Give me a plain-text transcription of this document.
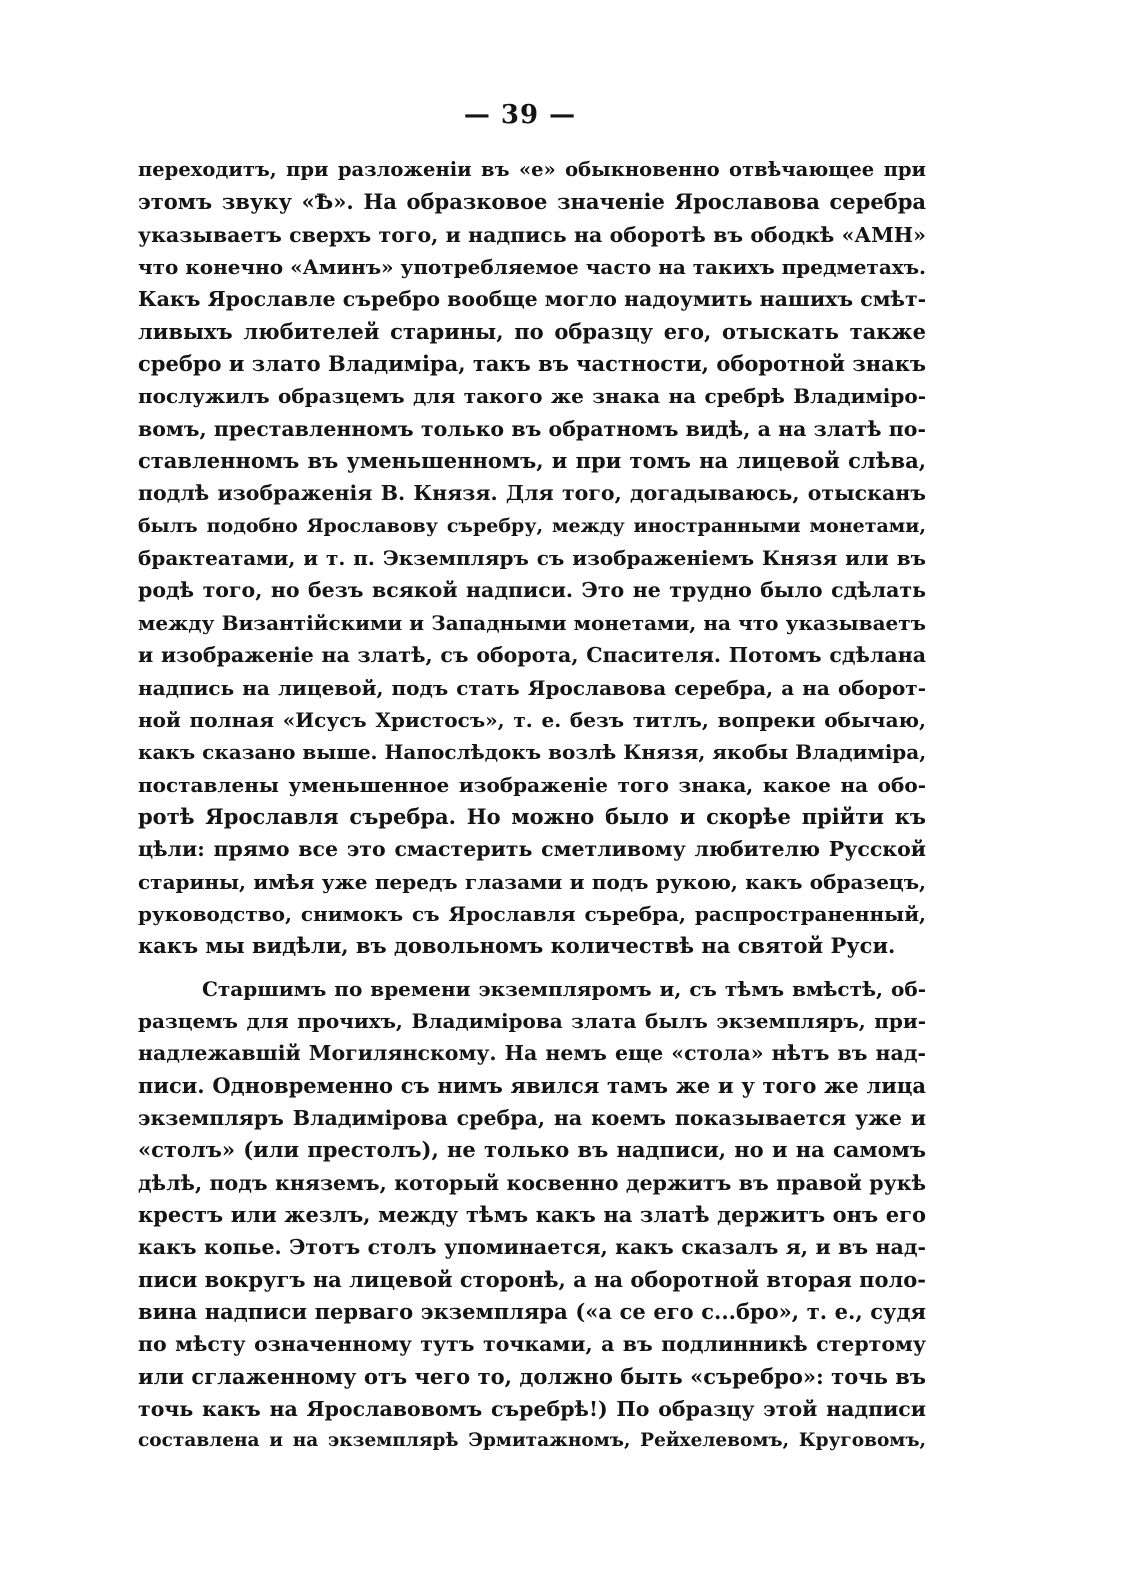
— 39 —
переходитъ, при разложенiи въ «е» обыкновенно отвѣчающее при
этомъ звуку «Ѣ». На образковое значенiе Ярославова серебра
указываетъ сверхъ того, и надпись на оборотѣ въ ободкѣ «АМН»
что конечно «Аминъ» употребляемое часто на такихъ предметахъ.
Какъ Ярославле съребро вообще могло надоумить нашихъ смѣт-
ливыхъ любителей старины, по образцу его, отыскать также
сребро и злато Владимiра, такъ въ частности, оборотной знакъ
послужилъ образцемъ для такого же знака на сребрѣ Владимiро-
вомъ, преставленномъ только въ обратномъ видѣ, а на златѣ по-
ставленномъ въ уменьшенномъ, и при томъ на лицевой слѣва,
подлѣ изображенiя В. Князя. Для того, догадываюсь, отысканъ
былъ подобно Ярославову съребру, между иностранными монетами,
брактеатами, и т. п. Экземпляръ съ изображенiемъ Князя или въ
родѣ того, но безъ всякой надписи. Это не трудно было сдѣлать
между Византiйскими и Западными монетами, на что указываетъ
и изображенiе на златѣ, съ оборота, Спасителя. Потомъ сдѣлана
надпись на лицевой, подъ стать Ярославова серебра, а на оборот-
ной полная «Исусъ Христосъ», т. е. безъ титлъ, вопреки обычаю,
какъ сказано выше. Напослѣдокъ возлѣ Князя, якобы Владимiра,
поставлены уменьшенное изображенiе того знака, какое на обо-
ротѣ Ярославля съребра. Но можно было и скорѣе прiйти къ
цѣли: прямо все это смастерить сметливому любителю Русской
старины, имѣя уже передъ глазами и подъ рукою, какъ образецъ,
руководство, снимокъ съ Ярославля съребра, распространенный,
какъ мы видѣли, въ довольномъ количествѣ на святой Руси.
Старшимъ по времени экземпляромъ и, съ тѣмъ вмѣстѣ, об-
разцемъ для прочихъ, Владимiрова злата былъ экземпляръ, при-
надлежавшiй Могилянскому. На немъ еще «стола» нѣтъ въ над-
писи. Одновременно съ нимъ явился тамъ же и у того же лица
экземпляръ Владимiрова сребра, на коемъ показывается уже и
«столъ» (или престолъ), не только въ надписи, но и на самомъ
дѣлѣ, подъ княземъ, который косвенно держитъ въ правой рукѣ
крестъ или жезлъ, между тѣмъ какъ на златѣ держитъ онъ его
какъ копье. Этотъ столъ упоминается, какъ сказалъ я, и въ над-
писи вокругъ на лицевой сторонѣ, а на оборотной вторая поло-
вина надписи перваго экземпляра («а се его с...бро», т. е., судя
по мѣсту означенному тутъ точками, а въ подлинникѣ стертому
или сглаженному отъ чего то, должно быть «съребро»: точь въ
точь какъ на Ярославовомъ съребрѣ!) По образцу этой надписи
составлена и на экземплярѣ Эрмитажномъ, Рейхелевомъ, Круговомъ,
